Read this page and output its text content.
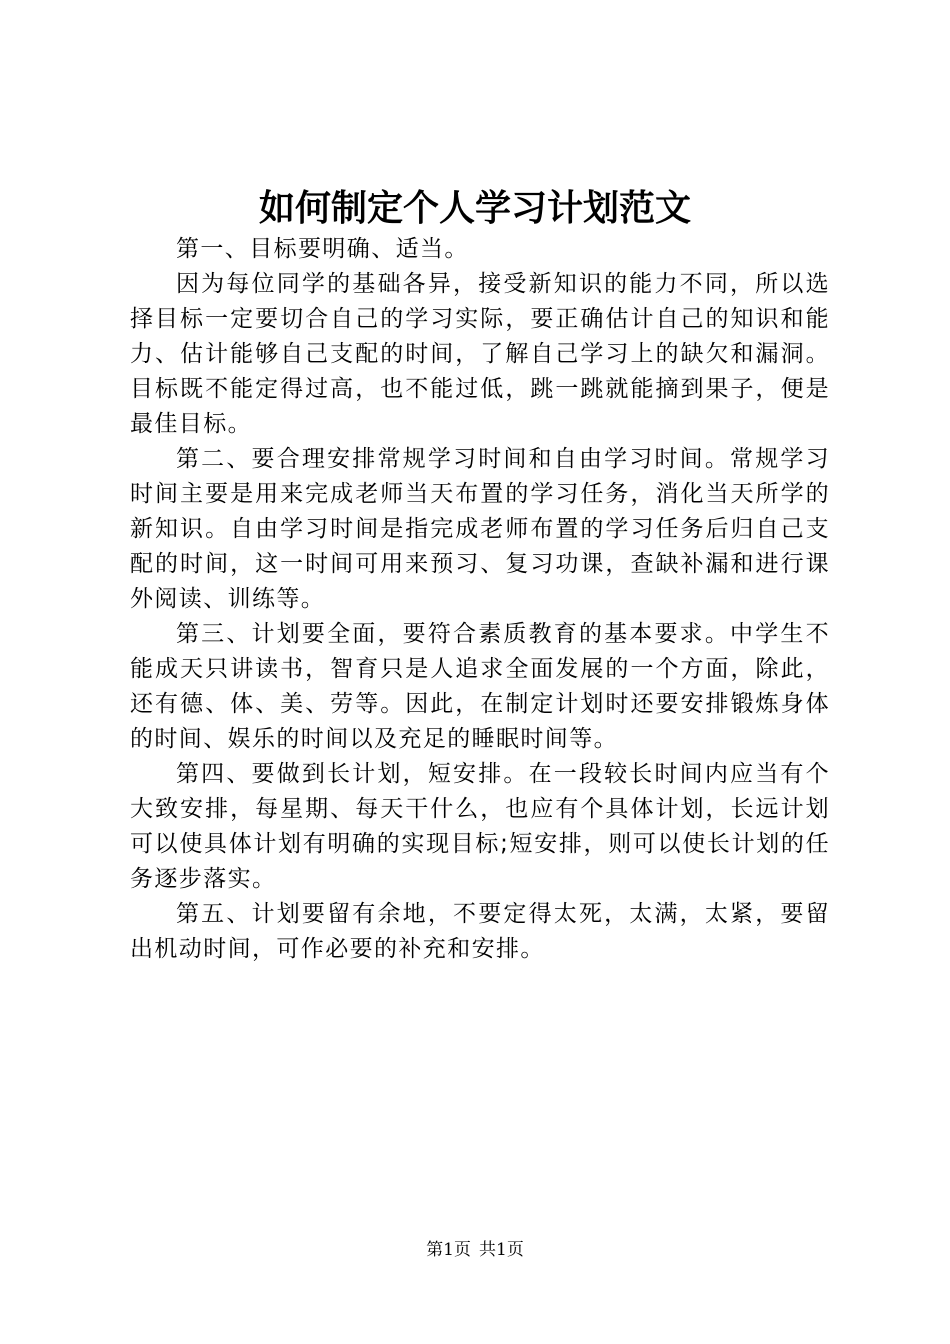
如何制定个人学习计划范文

第一、目标要明确、适当。

因为每位同学的基础各异，接受新知识的能力不同，所以选择目标一定要切合自己的学习实际，要正确估计自己的知识和能力、估计能够自己支配的时间，了解自己学习上的缺欠和漏洞。目标既不能定得过高，也不能过低，跳一跳就能摘到果子，便是最佳目标。

第二、要合理安排常规学习时间和自由学习时间。常规学习时间主要是用来完成老师当天布置的学习任务，消化当天所学的新知识。自由学习时间是指完成老师布置的学习任务后归自己支配的时间，这一时间可用来预习、复习功课，查缺补漏和进行课外阅读、训练等。

第三、计划要全面，要符合素质教育的基本要求。中学生不能成天只讲读书，智育只是人追求全面发展的一个方面，除此，还有德、体、美、劳等。因此，在制定计划时还要安排锻炼身体的时间、娱乐的时间以及充足的睡眠时间等。

第四、要做到长计划，短安排。在一段较长时间内应当有个大致安排，每星期、每天干什么，也应有个具体计划，长远计划可以使具体计划有明确的实现目标;短安排，则可以使长计划的任务逐步落实。

第五、计划要留有余地，不要定得太死，太满，太紧，要留出机动时间，可作必要的补充和安排。

第1页 共1页
